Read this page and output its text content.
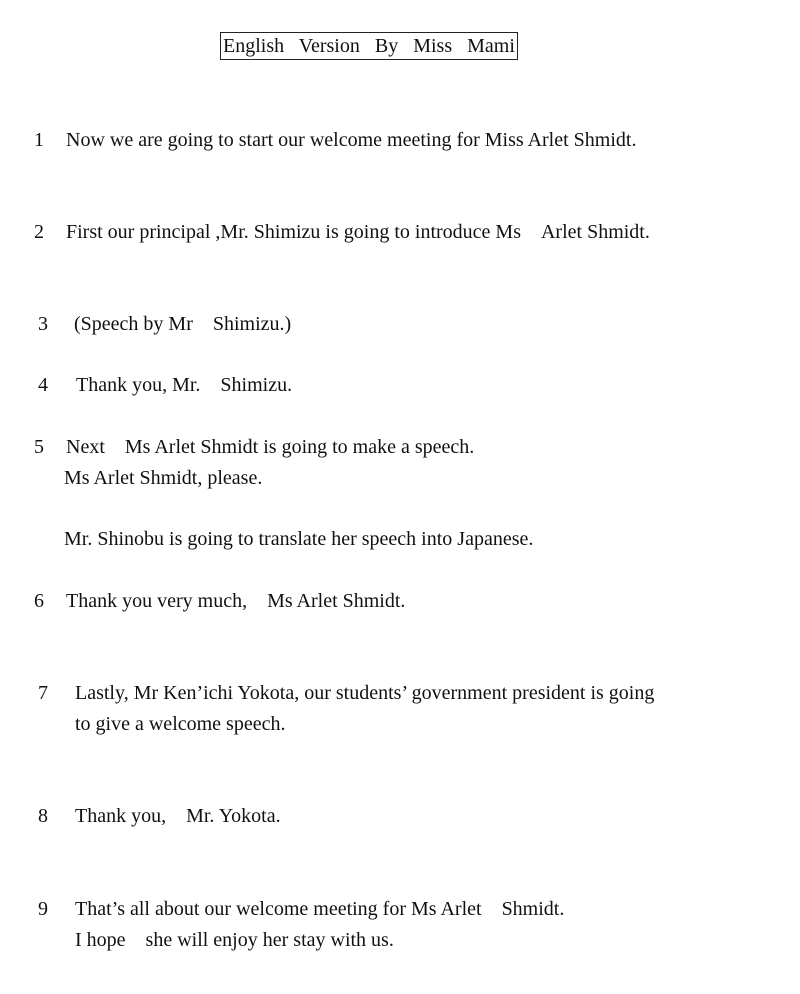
English   Version   By   Miss   Mami
1 Now we are going to start our welcome meeting for Miss Arlet Shmidt.
2 First our principal ,Mr. Shimizu is going to introduce Ms　Arlet Shmidt.
3 (Speech by Mr　Shimizu.)
4 Thank you, Mr.　Shimizu.
5 Next　Ms Arlet Shmidt is going to make a speech.
Ms Arlet Shmidt, please.
Mr. Shinobu is going to translate her speech into Japanese.
6 Thank you very much,　Ms Arlet Shmidt.
7 Lastly, Mr Ken’ichi Yokota, our students’ government president is going
to give a welcome speech.
8 Thank you,　Mr. Yokota.
9 That’s all about our welcome meeting for Ms Arlet　Shmidt.
I hope　she will enjoy her stay with us.
